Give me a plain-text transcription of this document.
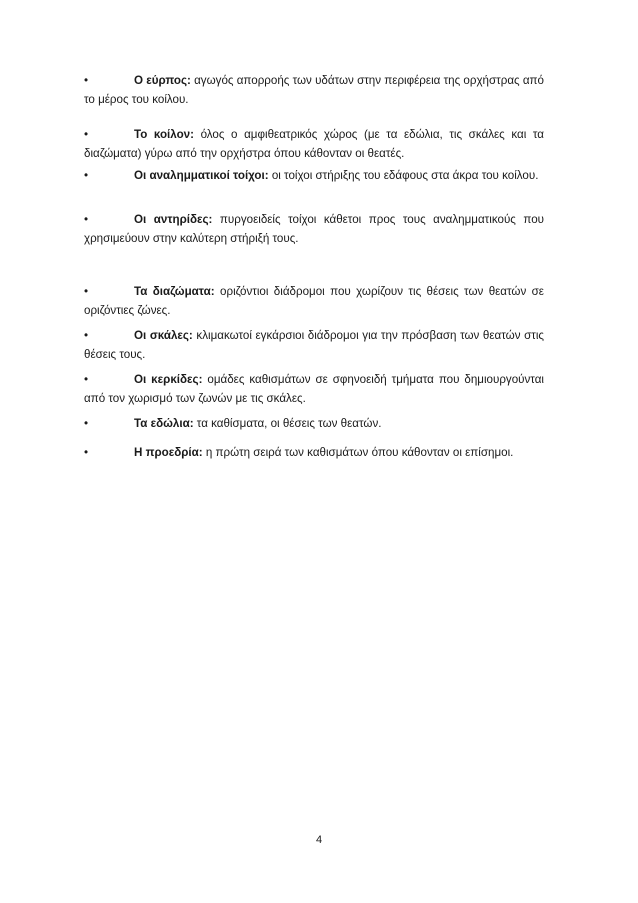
•	Ο εύρπος: αγωγός απορροής των υδάτων στην περιφέρεια της ορχήστρας από το μέρος του κοίλου.
•	Το κοίλον: όλος ο αμφιθεατρικός χώρος (με τα εδώλια, τις σκάλες και τα διαζώματα) γύρω από την ορχήστρα όπου κάθονταν οι θεατές.
•	Οι αναλημματικοί τοίχοι: οι τοίχοι στήριξης του εδάφους στα άκρα του κοίλου.
•	Οι αντηρίδες: πυργοειδείς τοίχοι κάθετοι προς τους αναλημματικούς που χρησιμεύουν στην καλύτερη στήριξή τους.
•	Τα διαζώματα: οριζόντιοι διάδρομοι που χωρίζουν τις θέσεις των θεατών σε οριζόντιες ζώνες.
•	Οι σκάλες: κλιμακωτοί εγκάρσιοι διάδρομοι για την πρόσβαση των θεατών στις θέσεις τους.
•	Οι κερκίδες: ομάδες καθισμάτων σε σφηνοειδή τμήματα που δημιουργούνται από τον χωρισμό των ζωνών με τις σκάλες.
•	Τα εδώλια: τα καθίσματα, οι θέσεις των θεατών.
•	Η προεδρία: η πρώτη σειρά των καθισμάτων όπου κάθονταν οι επίσημοι.
4
